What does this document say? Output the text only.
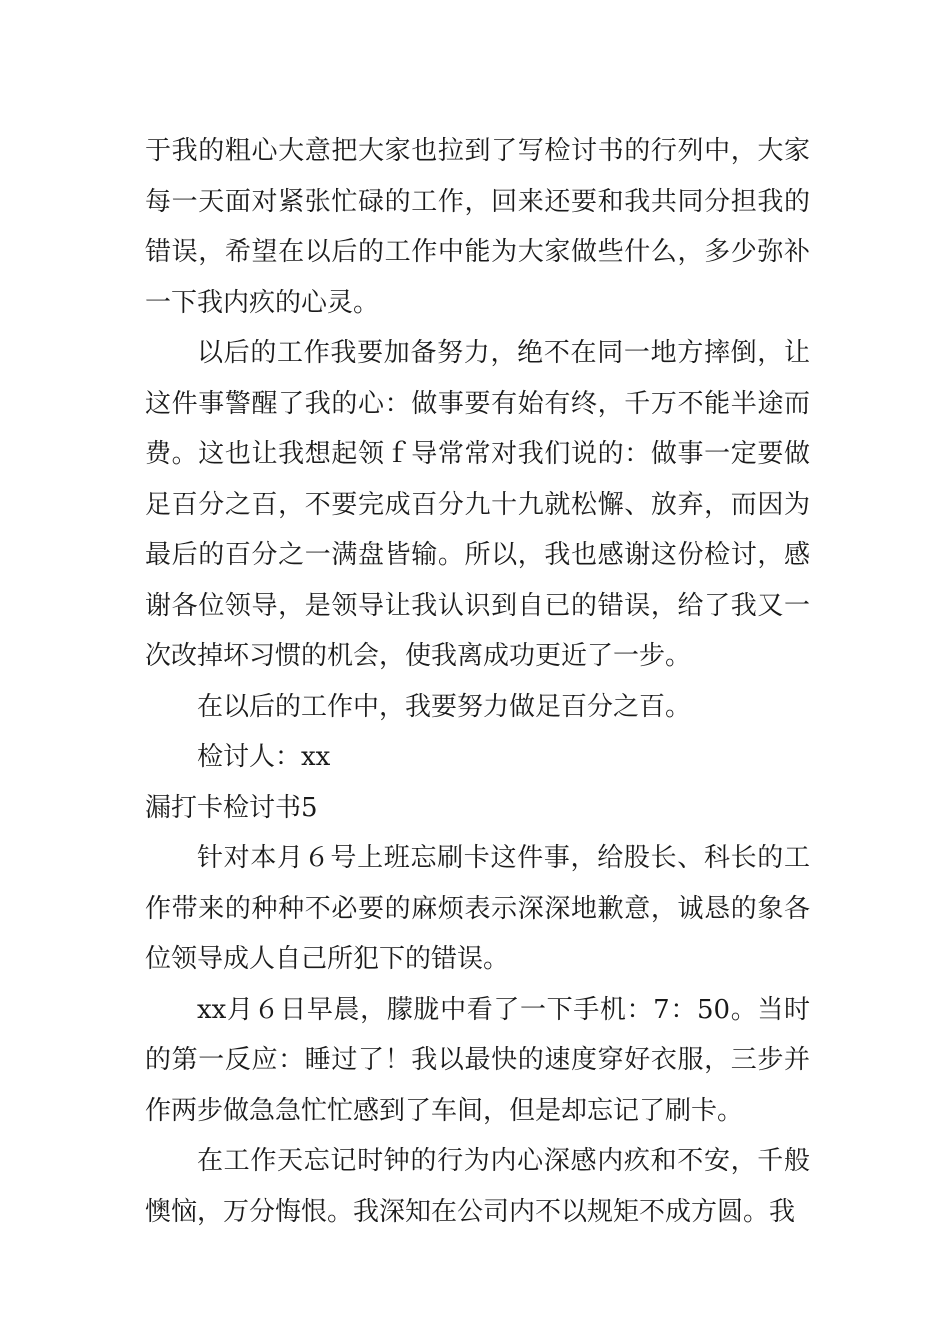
于我的粗心大意把大家也拉到了写检讨书的行列中，大家每一天面对紧张忙碌的工作，回来还要和我共同分担我的错误，希望在以后的工作中能为大家做些什么，多少弥补一下我内疚的心灵。

以后的工作我要加备努力，绝不在同一地方摔倒，让这件事警醒了我的心：做事要有始有终，千万不能半途而费。这也让我想起领ｆ导常常对我们说的：做事一定要做足百分之百，不要完成百分九十九就松懈、放弃，而因为最后的百分之一满盘皆输。所以，我也感谢这份检讨，感谢各位领导，是领导让我认识到自已的错误，给了我又一次改掉坏习惯的机会，使我离成功更近了一步。

在以后的工作中，我要努力做足百分之百。

检讨人：xx

漏打卡检讨书5

针对本月６号上班忘刷卡这件事，给股长、科长的工作带来的种种不必要的麻烦表示深深地歉意，诚恳的象各位领导成人自己所犯下的错误。

xx月６日早晨，朦胧中看了一下手机：7：50。当时的第一反应：睡过了！我以最快的速度穿好衣服，三步并作两步做急急忙忙感到了车间，但是却忘记了刷卡。

在工作天忘记时钟的行为内心深感内疚和不安，千般懊恼，万分悔恨。我深知在公司内不以规矩不成方圆。我
